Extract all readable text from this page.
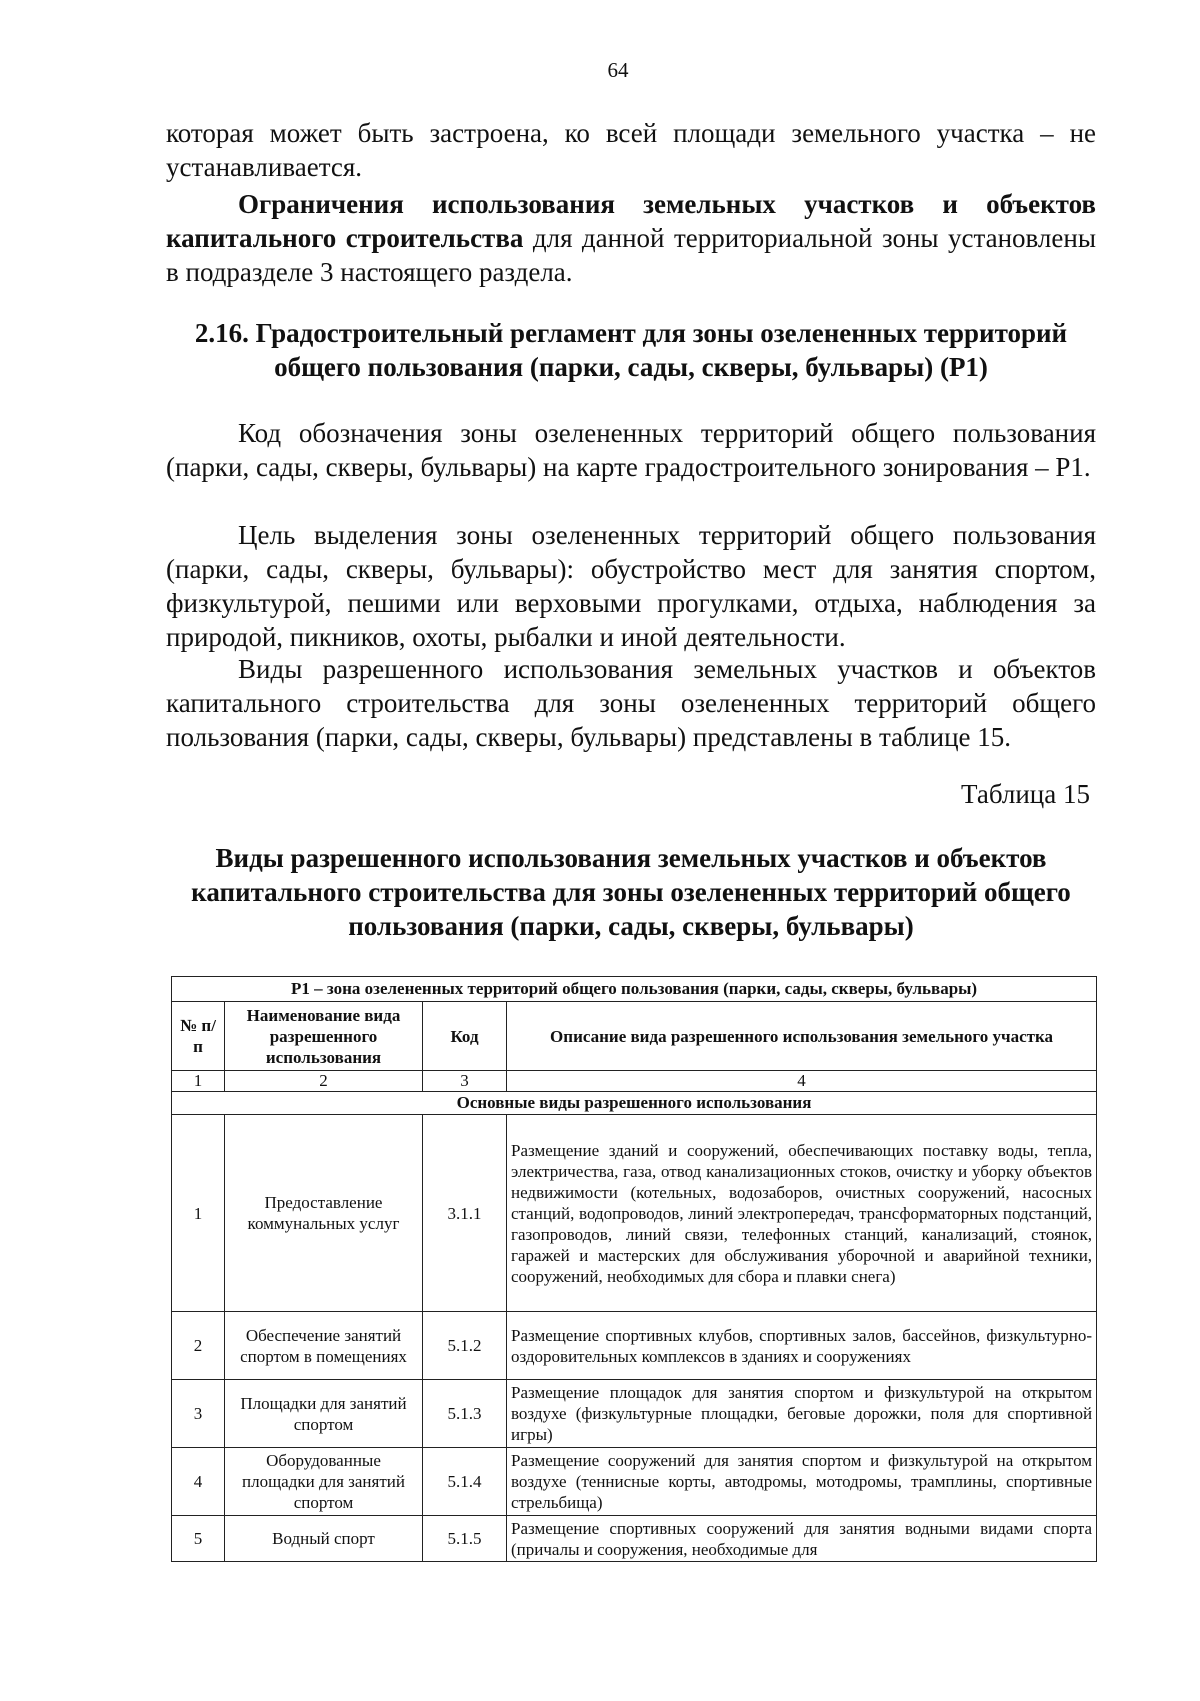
64
которая может быть застроена, ко всей площади земельного участка – не устанавливается.
Ограничения использования земельных участков и объектов капитального строительства для данной территориальной зоны установлены в подразделе 3 настоящего раздела.
2.16. Градостроительный регламент для зоны озелененных территорий общего пользования (парки, сады, скверы, бульвары) (Р1)
Код обозначения зоны озелененных территорий общего пользования (парки, сады, скверы, бульвары) на карте градостроительного зонирования – Р1.
Цель выделения зоны озелененных территорий общего пользования (парки, сады, скверы, бульвары): обустройство мест для занятия спортом, физкультурой, пешими или верховыми прогулками, отдыха, наблюдения за природой, пикников, охоты, рыбалки и иной деятельности.
Виды разрешенного использования земельных участков и объектов капитального строительства для зоны озелененных территорий общего пользования (парки, сады, скверы, бульвары) представлены в таблице 15.
Таблица 15
Виды разрешенного использования земельных участков и объектов капитального строительства для зоны озелененных территорий общего пользования (парки, сады, скверы, бульвары)
Р1 – зона озелененных территорий общего пользования (парки, сады, скверы, бульвары)			
№ п/п	Наименование вида разрешенного использования	Код	Описание вида разрешенного использования земельного участка
1	2	3	4
Основные виды разрешенного использования			
1	Предоставление коммунальных услуг	3.1.1	Размещение зданий и сооружений, обеспечивающих поставку воды, тепла, электричества, газа, отвод канализационных стоков, очистку и уборку объектов недвижимости (котельных, водозаборов, очистных сооружений, насосных станций, водопроводов, линий электропередач, трансформаторных подстанций, газопроводов, линий связи, телефонных станций, канализаций, стоянок, гаражей и мастерских для обслуживания уборочной и аварийной техники, сооружений, необходимых для сбора и плавки снега)
2	Обеспечение занятий спортом в помещениях	5.1.2	Размещение спортивных клубов, спортивных залов, бассейнов, физкультурно-оздоровительных комплексов в зданиях и сооружениях
3	Площадки для занятий спортом	5.1.3	Размещение площадок для занятия спортом и физкультурой на открытом воздухе (физкультурные площадки, беговые дорожки, поля для спортивной игры)
4	Оборудованные площадки для занятий спортом	5.1.4	Размещение сооружений для занятия спортом и физкультурой на открытом воздухе (теннисные корты, автодромы, мотодромы, трамплины, спортивные стрельбища)
5	Водный спорт	5.1.5	Размещение спортивных сооружений для занятия водными видами спорта (причалы и сооружения, необходимые для
